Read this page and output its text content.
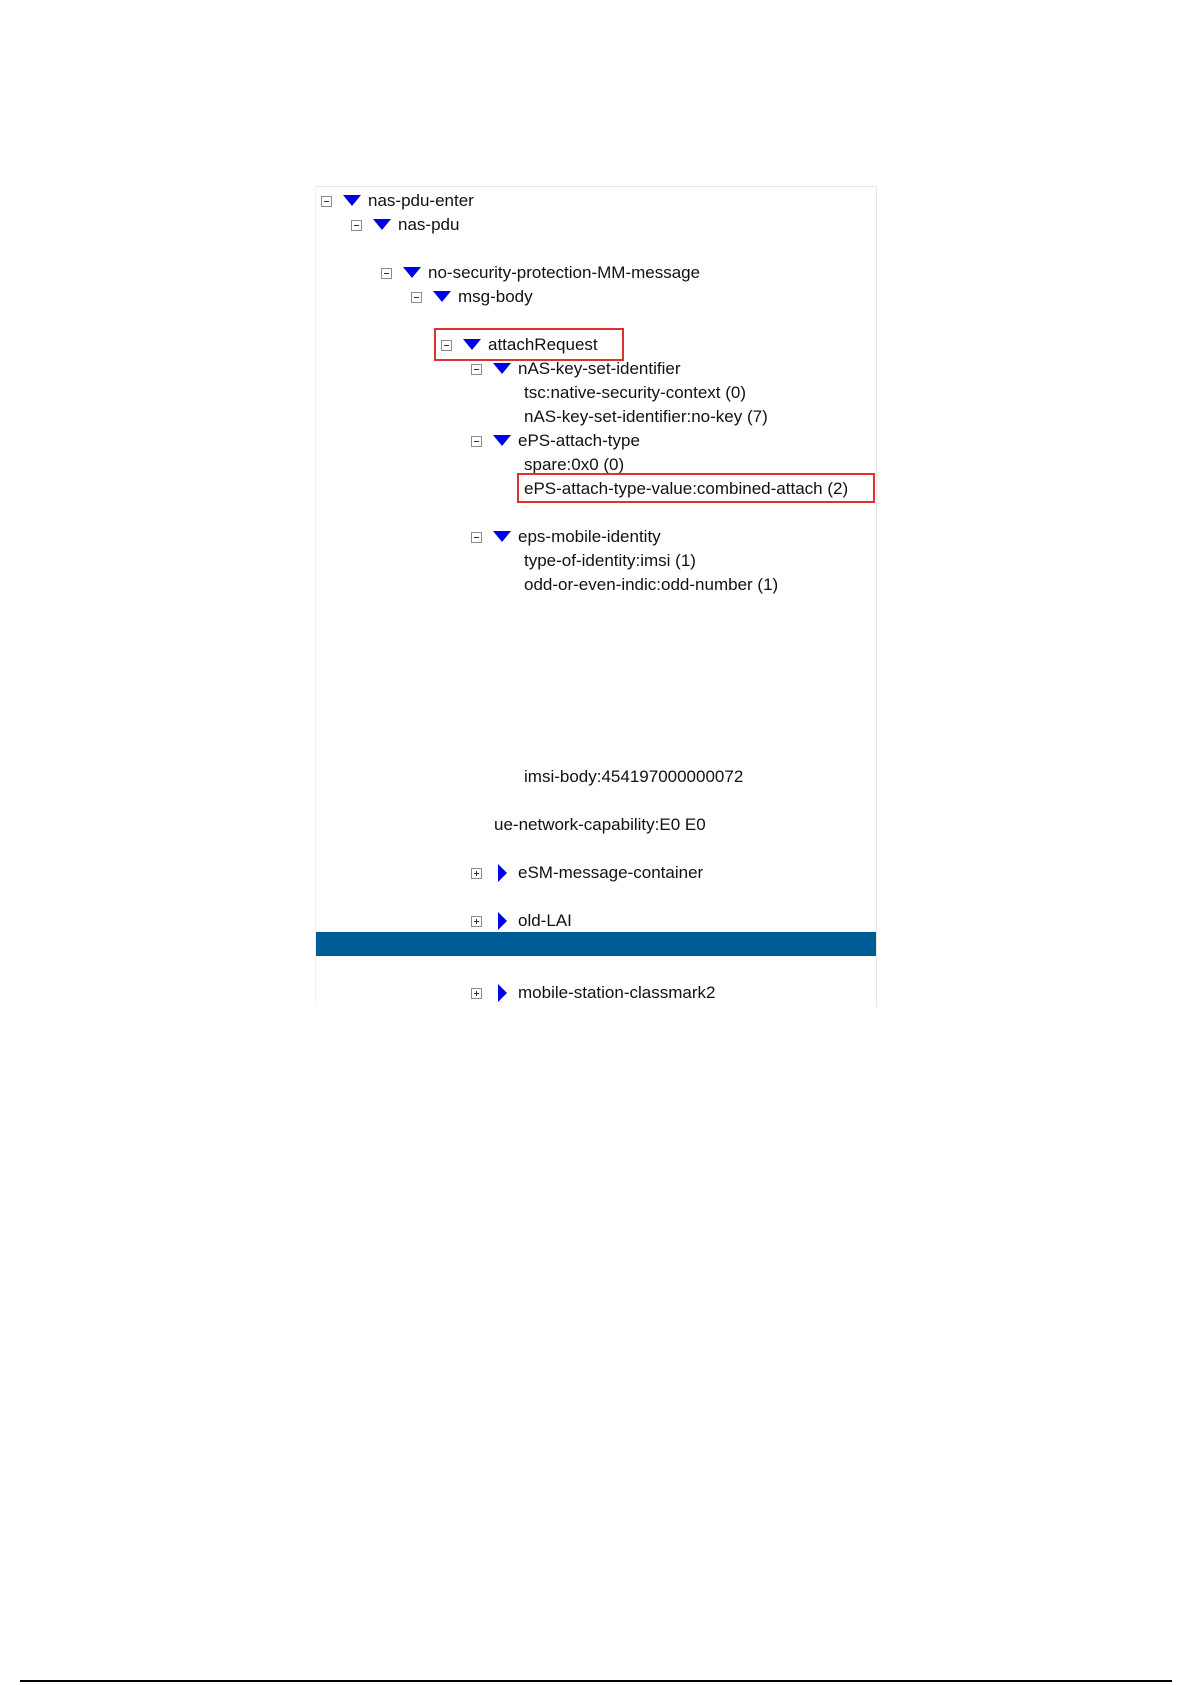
nas-pdu-enter
nas-pdu
no-security-protection-MM-message
msg-body
attachRequest
nAS-key-set-identifier
tsc:native-security-context (0)
nAS-key-set-identifier:no-key (7)
ePS-attach-type
spare:0x0 (0)
ePS-attach-type-value:combined-attach (2)
eps-mobile-identity
type-of-identity:imsi (1)
odd-or-even-indic:odd-number (1)
imsi-body:454197000000072
ue-network-capability:E0 E0
eSM-message-container
old-LAI
mobile-station-classmark2
